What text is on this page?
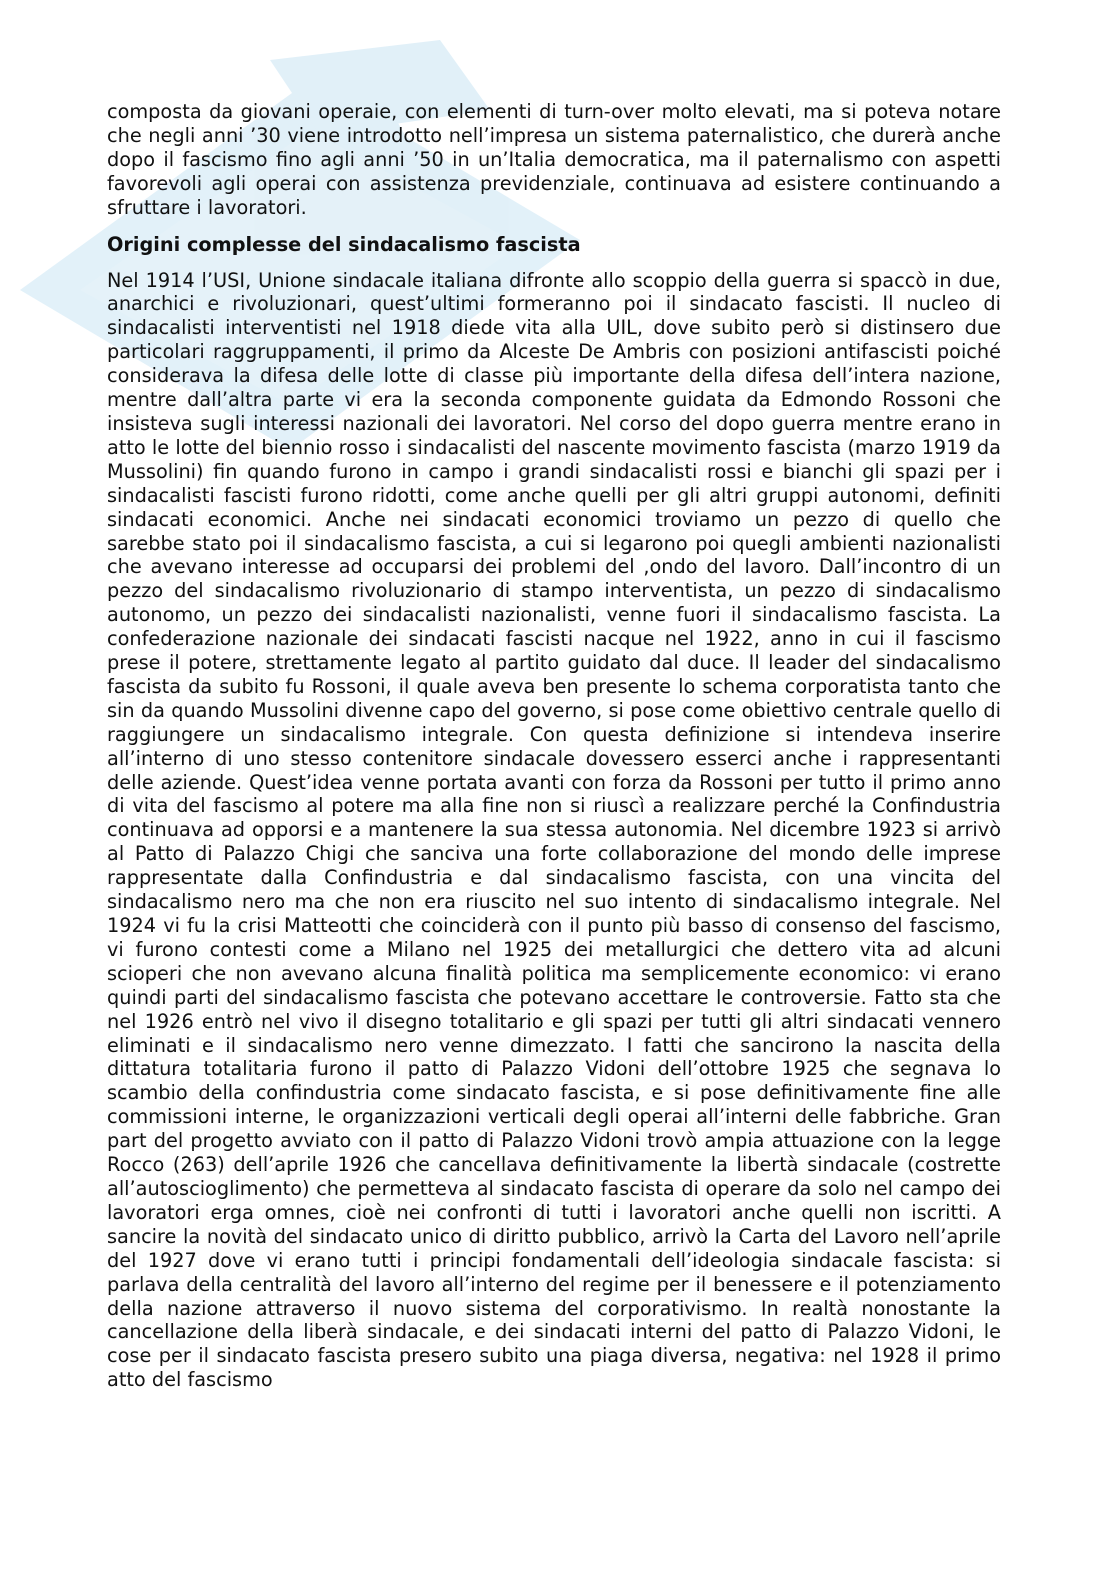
composta da giovani operaie, con elementi di turn-over molto elevati, ma si poteva notare che negli anni ’30 viene introdotto nell’impresa un sistema paternalistico, che durerà anche dopo il fascismo fino agli anni ’50 in un’Italia democratica, ma il paternalismo con aspetti favorevoli agli operai con assistenza previdenziale, continuava ad esistere continuando a sfruttare i lavoratori.

Origini complesse del sindacalismo fascista

Nel 1914 l’USI, Unione sindacale italiana difronte allo scoppio della guerra si spaccò in due, anarchici e rivoluzionari, quest’ultimi formeranno poi il sindacato fascisti. Il nucleo di sindacalisti interventisti nel 1918 diede vita alla UIL, dove subito però si distinsero due particolari raggruppamenti, il primo da Alceste De Ambris con posizioni antifascisti poiché considerava la difesa delle lotte di classe più importante della difesa dell’intera nazione, mentre dall’altra parte vi era la seconda componente guidata da Edmondo Rossoni che insisteva sugli interessi nazionali dei lavoratori. Nel corso del dopo guerra mentre erano in atto le lotte del biennio rosso i sindacalisti del nascente movimento fascista (marzo 1919 da Mussolini) fin quando furono in campo i grandi sindacalisti rossi e bianchi gli spazi per i sindacalisti fascisti furono ridotti, come anche quelli per gli altri gruppi autonomi, definiti sindacati economici. Anche nei sindacati economici troviamo un pezzo di quello che sarebbe stato poi il sindacalismo fascista, a cui si legarono poi quegli ambienti nazionalisti che avevano interesse ad occuparsi dei problemi del ,ondo del lavoro. Dall’incontro di un pezzo del sindacalismo rivoluzionario di stampo interventista, un pezzo di sindacalismo autonomo, un pezzo dei sindacalisti nazionalisti, venne fuori il sindacalismo fascista. La confederazione nazionale dei sindacati fascisti nacque nel 1922, anno in cui il fascismo prese il potere, strettamente legato al partito guidato dal duce. Il leader del sindacalismo fascista da subito fu Rossoni, il quale aveva ben presente lo schema corporatista tanto che sin da quando Mussolini divenne capo del governo, si pose come obiettivo centrale quello di raggiungere un sindacalismo integrale. Con questa definizione si intendeva inserire all’interno di uno stesso contenitore sindacale dovessero esserci anche i rappresentanti delle aziende. Quest’idea venne portata avanti con forza da Rossoni per tutto il primo anno di vita del fascismo al potere ma alla fine non si riuscì a realizzare perché la Confindustria continuava ad opporsi e a mantenere la sua stessa autonomia. Nel dicembre 1923 si arrivò al Patto di Palazzo Chigi che sanciva una forte collaborazione del mondo delle imprese rappresentate dalla Confindustria e dal sindacalismo fascista, con una vincita del sindacalismo nero ma che non era riuscito nel suo intento di sindacalismo integrale. Nel 1924 vi fu la crisi Matteotti che coinciderà con il punto più basso di consenso del fascismo, vi furono contesti come a Milano nel 1925 dei metallurgici che dettero vita ad alcuni scioperi che non avevano alcuna finalità politica ma semplicemente economico: vi erano quindi parti del sindacalismo fascista che potevano accettare le controversie. Fatto sta che nel 1926 entrò nel vivo il disegno totalitario e gli spazi per tutti gli altri sindacati vennero eliminati e il sindacalismo nero venne dimezzato. I fatti che sancirono la nascita della dittatura totalitaria furono il patto di Palazzo Vidoni dell’ottobre 1925 che segnava lo scambio della confindustria come sindacato fascista, e si pose definitivamente fine alle commissioni interne, le organizzazioni verticali degli operai all’interni delle fabbriche. Gran part del progetto avviato con il patto di Palazzo Vidoni trovò ampia attuazione con la legge Rocco (263) dell’aprile 1926 che cancellava definitivamente la libertà sindacale (costrette all’autoscioglimento) che permetteva al sindacato fascista di operare da solo nel campo dei lavoratori erga omnes, cioè nei confronti di tutti i lavoratori anche quelli non iscritti. A sancire la novità del sindacato unico di diritto pubblico, arrivò la Carta del Lavoro nell’aprile del 1927 dove vi erano tutti i principi fondamentali dell’ideologia sindacale fascista: si parlava della centralità del lavoro all’interno del regime per il benessere e il potenziamento della nazione attraverso il nuovo sistema del corporativismo. In realtà nonostante la cancellazione della liberà sindacale, e dei sindacati interni del patto di Palazzo Vidoni, le cose per il sindacato fascista presero subito una piaga diversa, negativa: nel 1928 il primo atto del fascismo
